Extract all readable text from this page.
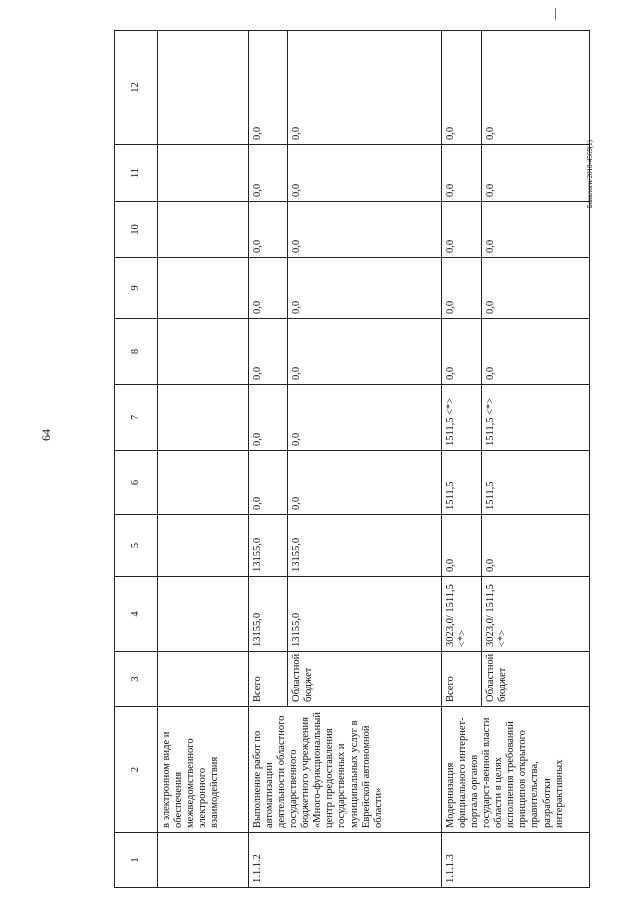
64
Баналоги/2018-4569(1)
1	2	3	4	5	6	7	8	9	10	11	12
	в электронном виде и обеспечения межведомственного электронного взаимодействия										
1.1.1.2	Выполнение работ по автоматизации деятельности областного государственного бюджетного учреждения «Много-функциональный центр предоставления государственных и муниципальных услуг в Еврейской автономной области»	Всего	13155,0	13155,0	0,0	0,0	0,0	0,0	0,0	0,0	0,0
		Областной бюджет	13155,0	13155,0	0,0	0,0	0,0	0,0	0,0	0,0	0,0
1.1.1.3	Модернизация официального интернет-портала органов государст-венной власти области в целях исполнения требований принципов открытого правительства, разработки интерактивных	Всего	3023,0/ 1511,5 <*>	0,0	1511,5	1511,5 <*>	0,0	0,0	0,0	0,0	0,0
		Областной бюджет	3023,0/ 1511,5 <*>	0,0	1511,5	1511,5 <*>	0,0	0,0	0,0	0,0	0,0
